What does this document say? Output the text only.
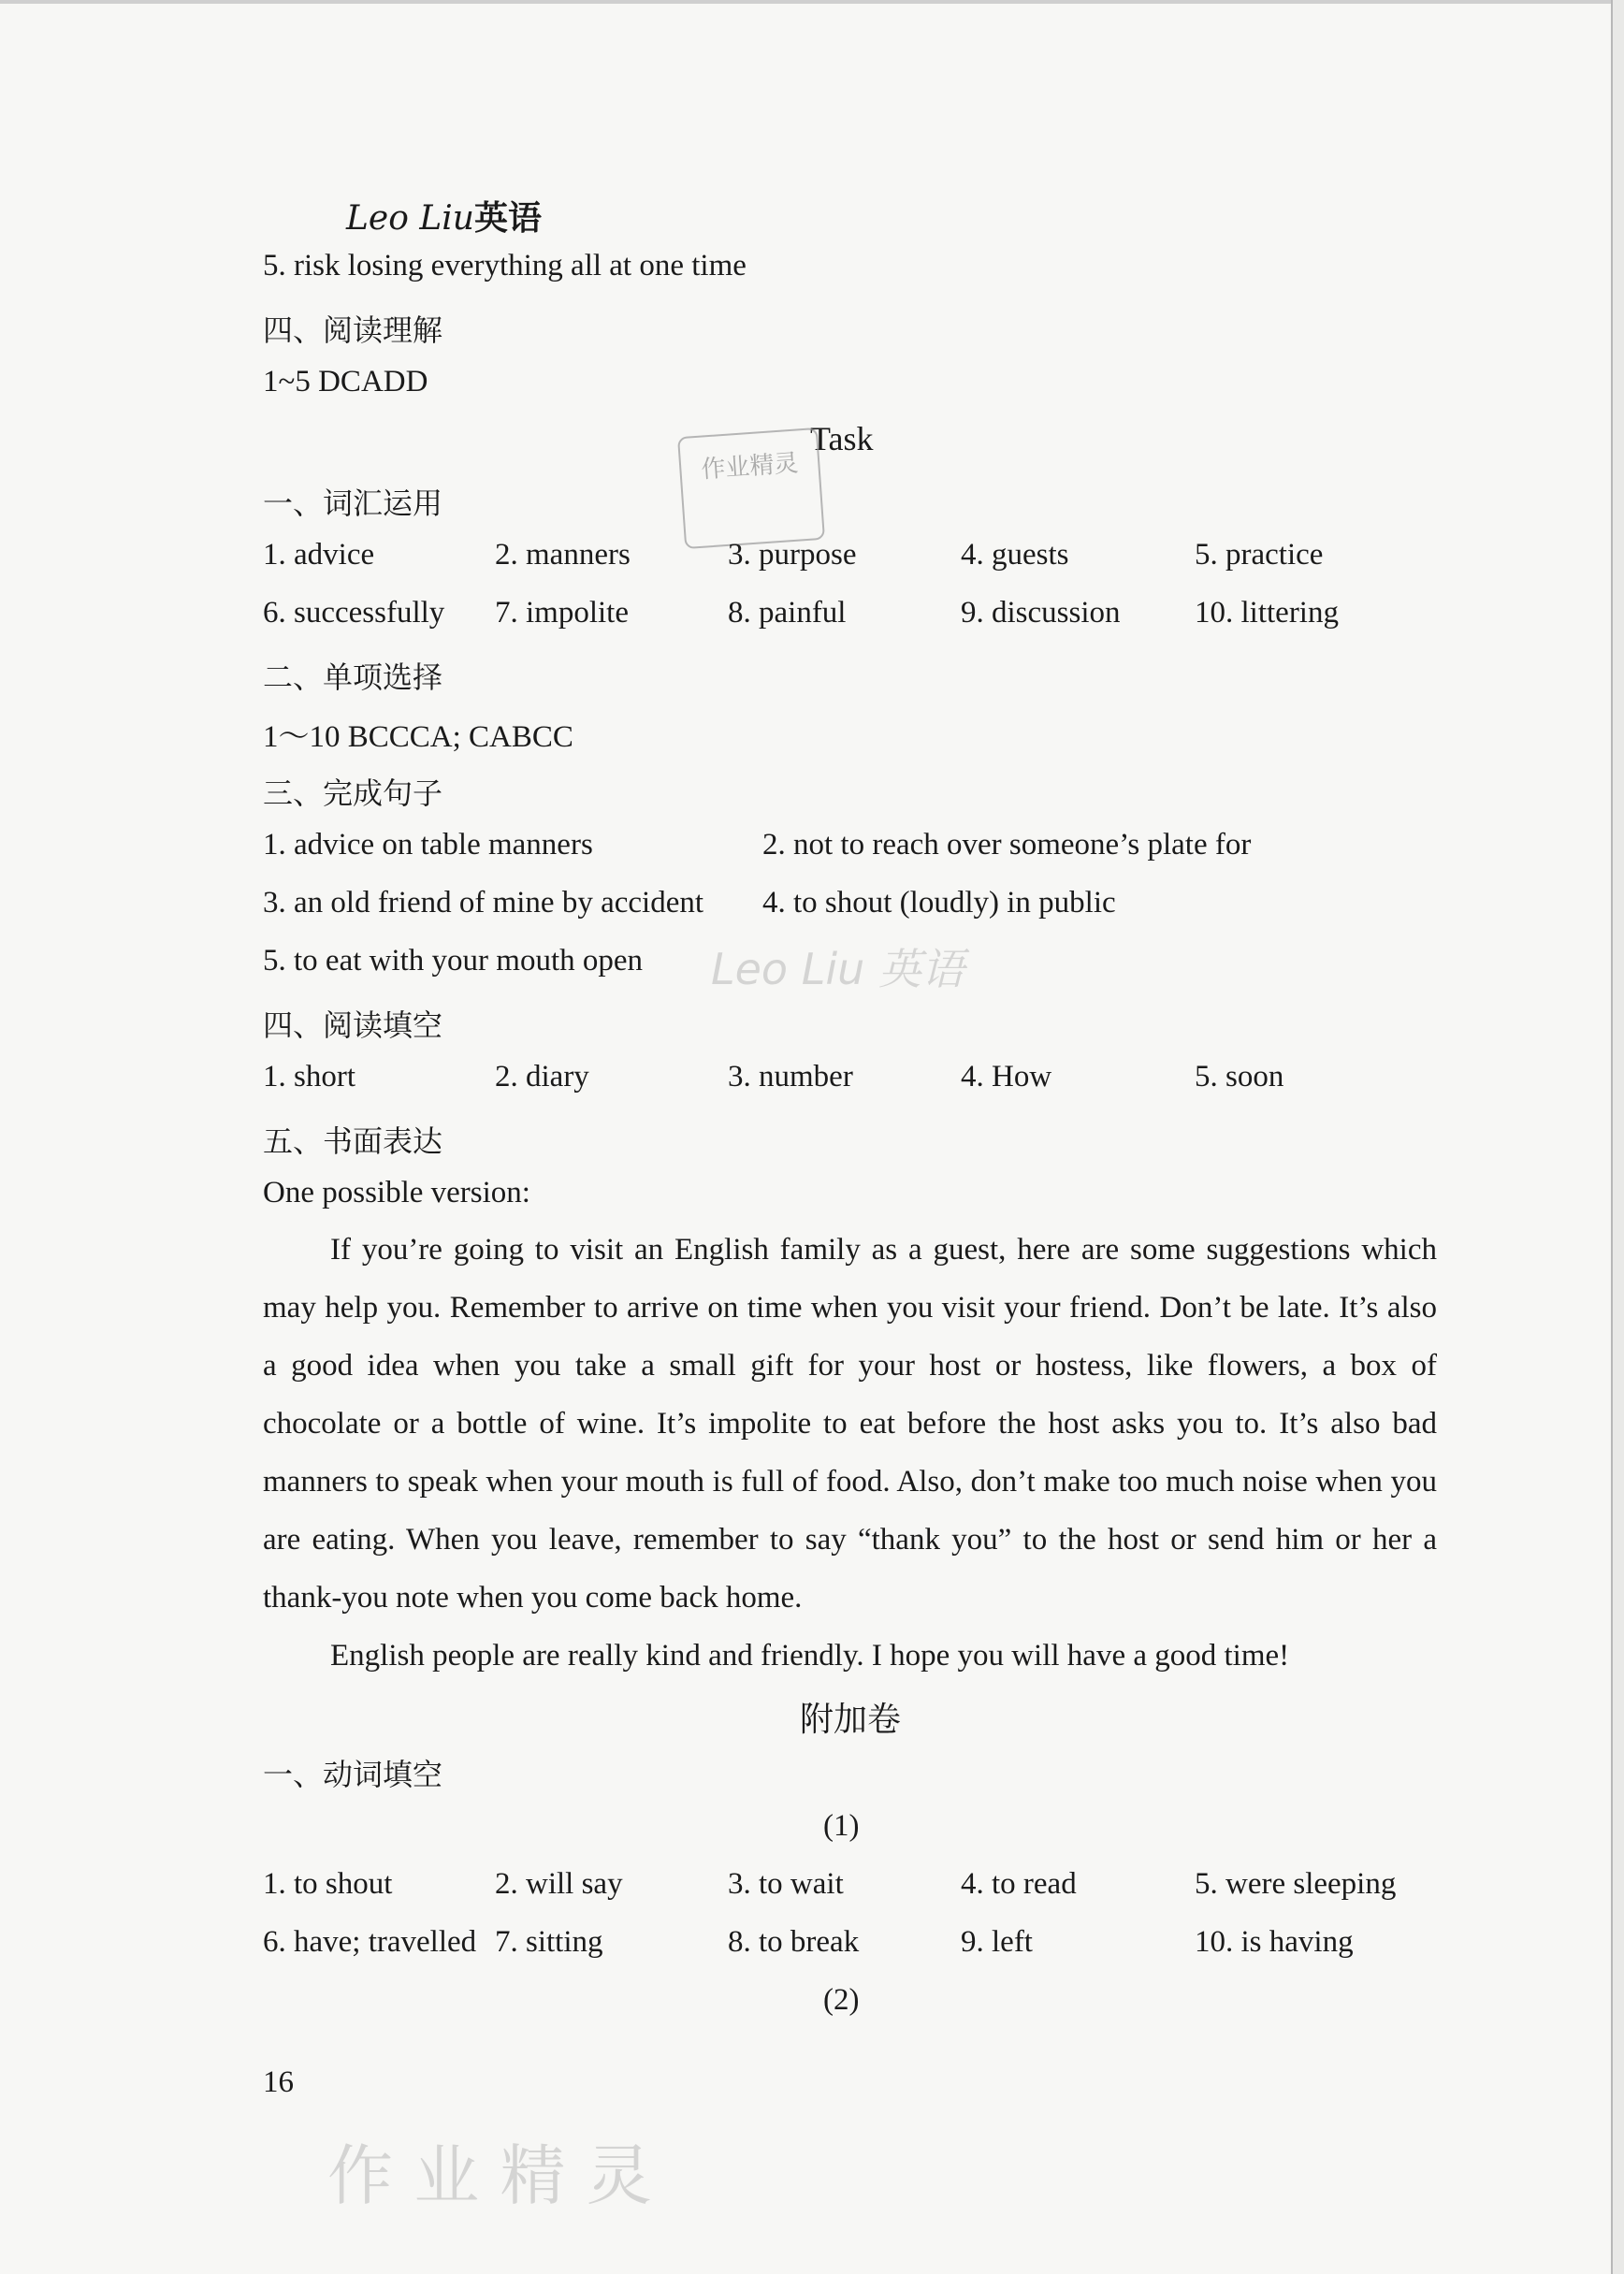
Leo Liu英语
5. risk losing everything all at one time
四、阅读理解
1~5 DCADD
Task
作业精灵
一、词汇运用
1. advice	2. manners	3. purpose	4. guests	5. practice
6. successfully 7. impolite	8. painful	9. discussion 10. littering
二、单项选择
1～10 BCCCA; CABCC
三、完成句子
1. advice on table manners	2. not to reach over someone’s plate for
3. an old friend of mine by accident 4. to shout (loudly) in public
5. to eat with your mouth open Leo Liu 英语
四、阅读填空
1. short	2. diary	3. number	4. How	5. soon
五、书面表达
One possible version:

If you’re going to visit an English family as a guest, here are some suggestions which may help you. Remember to arrive on time when you visit your friend. Don’t be late. It’s also a good idea when you take a small gift for your host or hostess, like flowers, a box of chocolate or a bottle of wine. It’s impolite to eat before the host asks you to. It’s also bad manners to speak when your mouth is full of food. Also, don’t make too much noise when you are eating. When you leave, remember to say “thank you” to the host or send him or her a thank-you note when you come back home.

English people are really kind and friendly. I hope you will have a good time!

附加卷
一、动词填空
(1)
1. to shout	2. will say	3. to wait	4. to read	5. were sleeping
6. have; travelled 7. sitting	8. to break	9. left	10. is having
(2)
16
作 业 精 灵
